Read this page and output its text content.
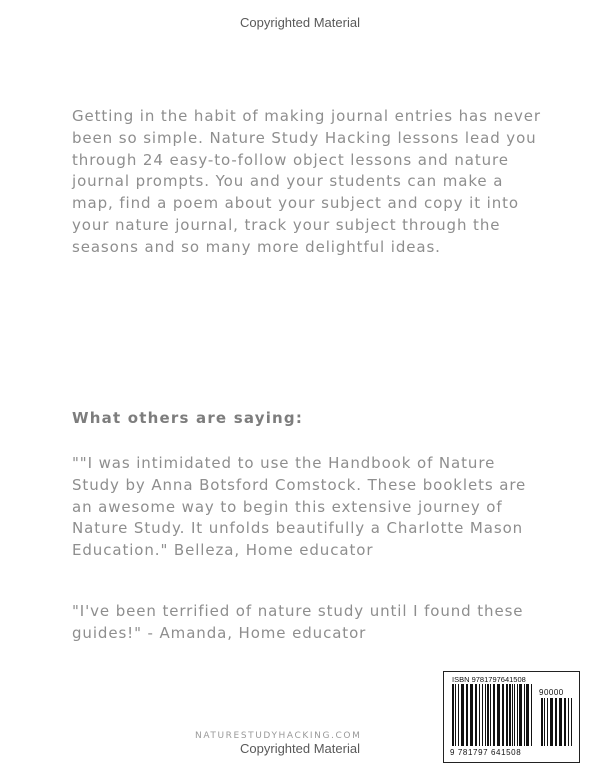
Copyrighted Material

Getting in the habit of making journal entries has never been so simple. Nature Study Hacking lessons lead you through 24 easy-to-follow object lessons and nature journal prompts. You and your students can make a map, find a poem about your subject and copy it into your nature journal, track your subject through the seasons and so many more delightful ideas.

What others are saying:

""I was intimidated to use the Handbook of Nature Study by Anna Botsford Comstock. These booklets are an awesome way to begin this extensive journey of Nature Study. It unfolds beautifully a Charlotte Mason Education." Belleza, Home educator

"I've been terrified of nature study until I found these guides!" - Amanda, Home educator

NATURESTUDYHACKING.COM
ISBN 9781797641508
90000
9 781797 641508
Copyrighted Material
